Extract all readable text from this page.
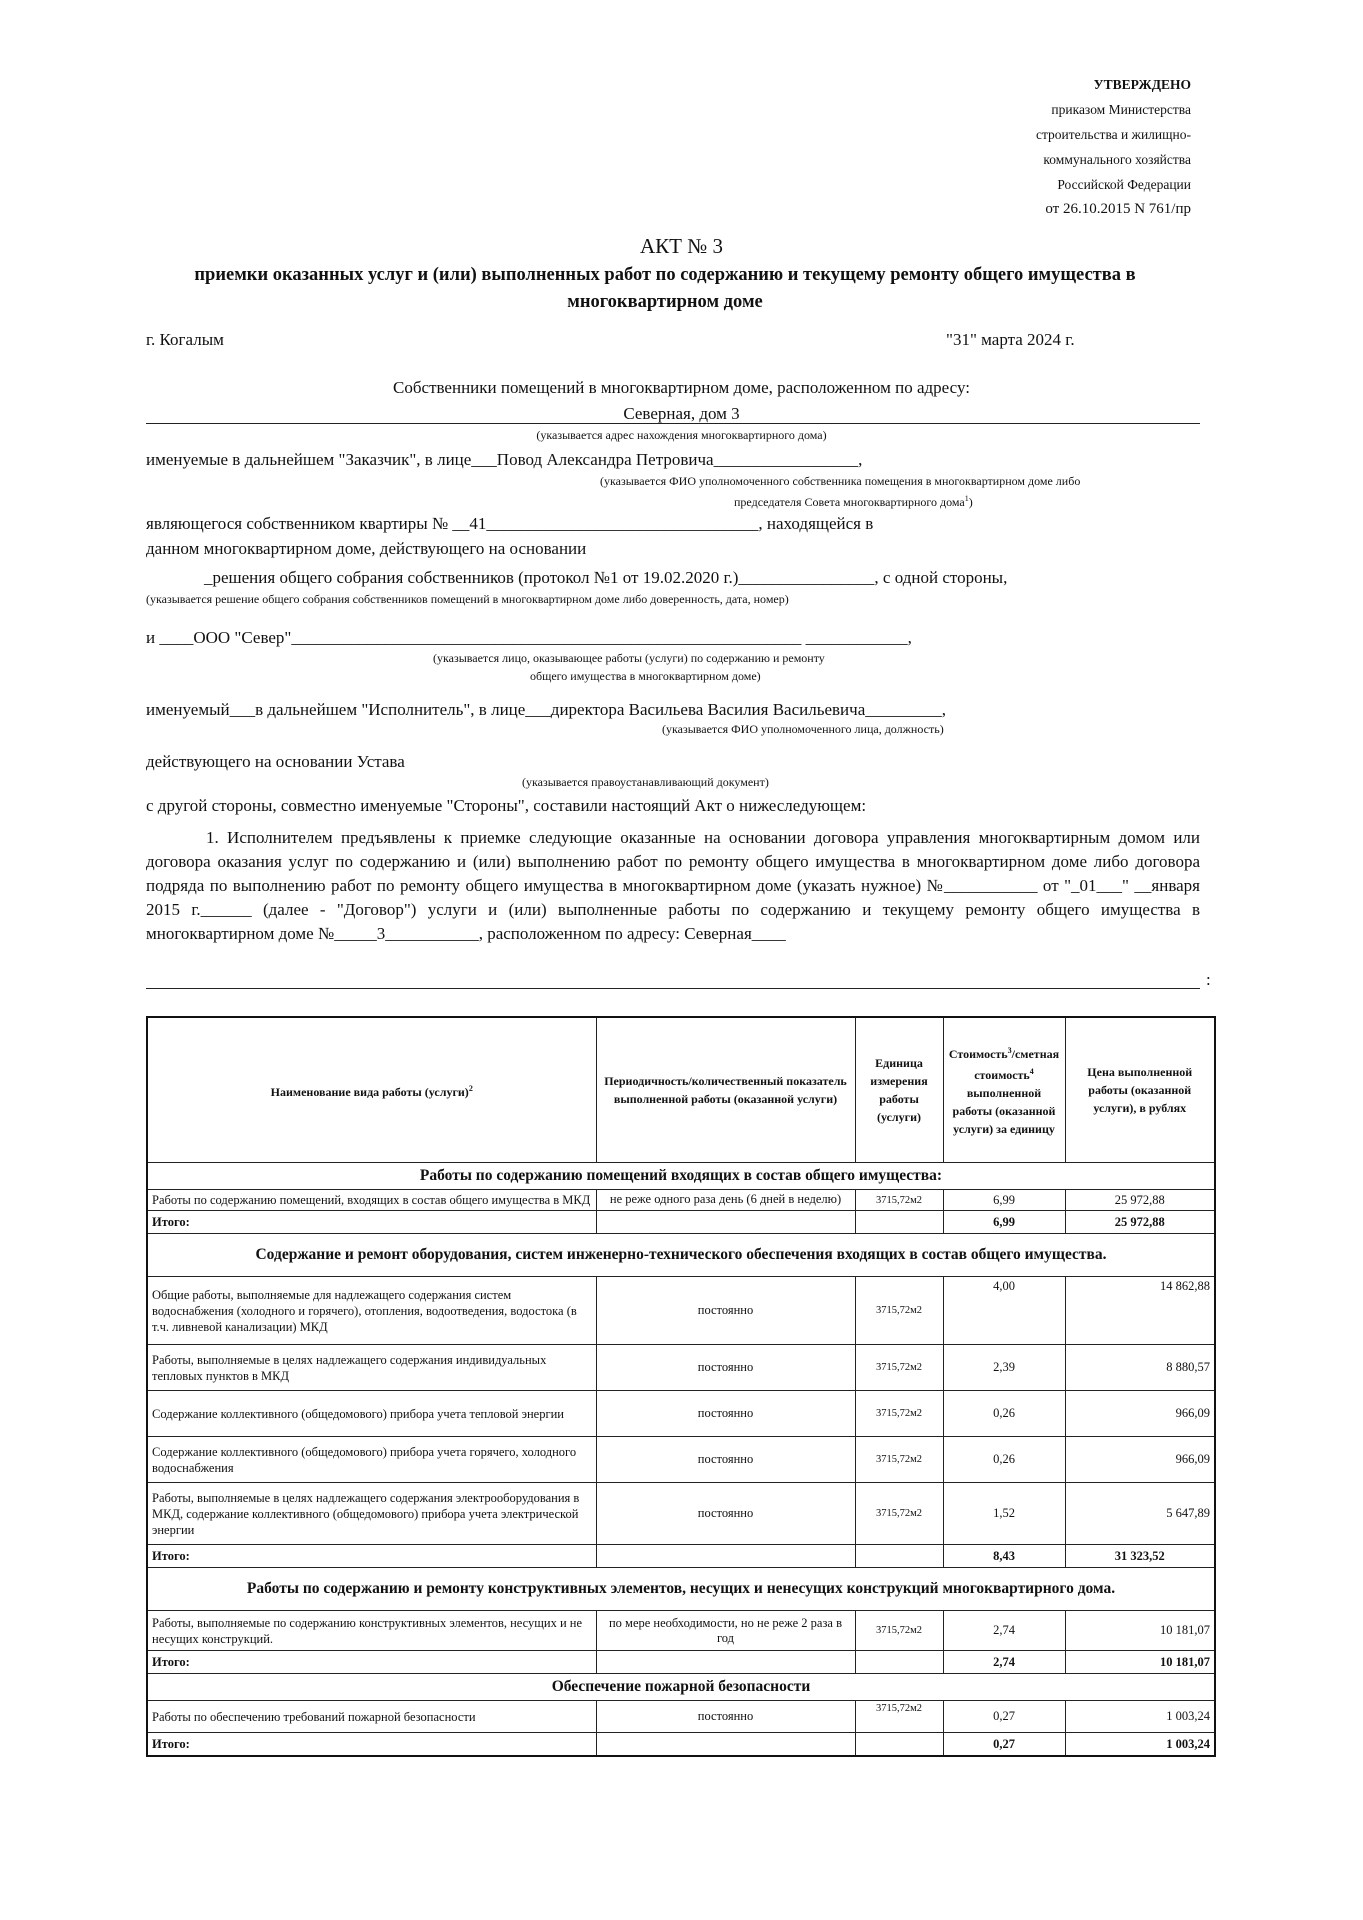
УТВЕРЖДЕНО
приказом Министерства
строительства и жилищно-
коммунального хозяйства
Российской Федерации
от 26.10.2015 N 761/пр
АКТ № 3
приемки оказанных услуг и (или) выполненных работ по содержанию и текущему ремонту общего имущества в многоквартирном доме
г. Когалым	"31" марта 2024 г.
Собственники помещений в многоквартирном доме, расположенном по адресу:
Северная, дом 3
(указывается адрес нахождения многоквартирного дома)
именуемые в дальнейшем "Заказчик", в лице___Повод Александра Петровича_________________,
(указывается ФИО уполномоченного собственника помещения в многоквартирном доме либо
председателя Совета многоквартирного дома$^1$)
являющегося собственником квартиры № __41________________________________, находящейся в
данном многоквартирном доме, действующего на основании
_решения общего собрания собственников (протокол №1 от 19.02.2020 г.)________________, с одной стороны,
(указывается решение общего собрания собственников помещений в многоквартирном доме либо доверенность, дата, номер)
и ____ООО "Север"____________________________________________________________ ____________,
(указывается лицо, оказывающее работы (услуги) по содержанию и ремонту
общего имущества в многоквартирном доме)
именуемый___в дальнейшем "Исполнитель", в лице___директора Васильева Василия Васильевича_________,
(указывается ФИО уполномоченного лица, должность)
действующего на основании Устава
(указывается правоустанавливающий документ)
с другой стороны, совместно именуемые "Стороны", составили настоящий Акт о нижеследующем:
1. Исполнителем предъявлены к приемке следующие оказанные на основании договора управления многоквартирным домом или договора оказания услуг по содержанию и (или) выполнению работ по ремонту общего имущества в многоквартирном доме либо договора подряда по выполнению работ по ремонту общего имущества в многоквартирном доме (указать нужное) №___________ от "_01___" __января 2015 г.______ (далее - "Договор") услуги и (или) выполненные работы по содержанию и текущему ремонту общего имущества в многоквартирном доме №_____3___________, расположенном по адресу: Северная____
:
Наименование вида работы (услуги)$^2$	Периодичность/количественный показатель выполненной работы (оказанной услуги)	Единица измерения работы (услуги)	Стоимость$^3$/сметная стоимость$^4$ выполненной работы (оказанной услуги) за единицу	Цена выполненной работы (оказанной услуги), в рублях
Работы по содержанию помещений входящих в состав общего имущества:				
Работы по содержанию помещений, входящих в состав общего имущества в МКД	не реже одного раза день (6 дней в неделю)	3715,72м2	6,99	25 972,88
Итого:			6,99	25 972,88
Содержание и ремонт оборудования, систем инженерно-технического обеспечения входящих в состав общего имущества.				
Общие работы, выполняемые для надлежащего содержания систем водоснабжения (холодного и горячего), отопления, водоотведения, водостока (в т.ч. ливневой канализации) МКД	постоянно	3715,72м2	4,00	14 862,88
Работы, выполняемые в целях надлежащего содержания индивидуальных тепловых пунктов в МКД	постоянно	3715,72м2	2,39	8 880,57
Содержание коллективного (общедомового) прибора учета тепловой энергии	постоянно	3715,72м2	0,26	966,09
Содержание коллективного (общедомового) прибора учета горячего, холодного водоснабжения	постоянно	3715,72м2	0,26	966,09
Работы, выполняемые в целях надлежащего содержания электрооборудования в МКД, содержание коллективного (общедомового) прибора учета электрической энергии	постоянно	3715,72м2	1,52	5 647,89
Итого:			8,43	31 323,52
Работы по содержанию и ремонту конструктивных элементов, несущих и ненесущих конструкций многоквартирного дома.				
Работы, выполняемые по содержанию конструктивных элементов, несущих и не несущих конструкций.	по мере необходимости, но не реже 2 раза в год	3715,72м2	2,74	10 181,07
Итого:			2,74	10 181,07
Обеспечение пожарной безопасности				
Работы по обеспечению требований пожарной безопасности	постоянно	3715,72м2	0,27	1 003,24
Итого:			0,27	1 003,24
